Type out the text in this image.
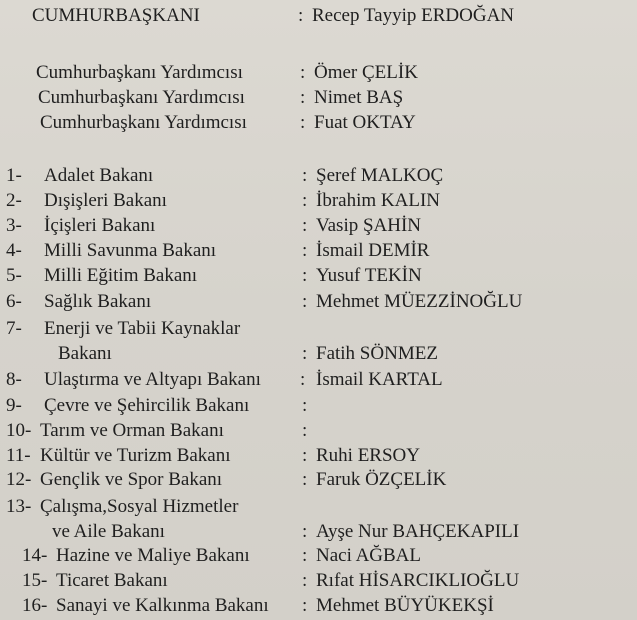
CUMHURBAŞKANI	: Recep Tayyip ERDOĞAN
Cumhurbaşkanı Yardımcısı	: Ömer ÇELİK
Cumhurbaşkanı Yardımcısı	: Nimet BAŞ
Cumhurbaşkanı Yardımcısı	: Fuat OKTAY
1- Adalet Bakanı	: Şeref MALKOÇ
2- Dışişleri Bakanı	: İbrahim KALIN
3- İçişleri Bakanı	: Vasip ŞAHİN
4- Milli Savunma Bakanı	: İsmail DEMİR
5- Milli Eğitim Bakanı	: Yusuf TEKİN
6- Sağlık Bakanı	: Mehmet MÜEZZİNOĞLU
7- Enerji ve Tabii Kaynaklar
Bakanı	: Fatih SÖNMEZ
8- Ulaştırma ve Altyapı Bakanı : İsmail KARTAL
9- Çevre ve Şehircilik Bakanı	:
10- Tarım ve Orman Bakanı	:
11- Kültür ve Turizm Bakanı	: Ruhi ERSOY
12- Gençlik ve Spor Bakanı	: Faruk ÖZÇELİK
13- Çalışma,Sosyal Hizmetler
ve Aile Bakanı	: Ayşe Nur BAHÇEKAPILI
14- Hazine ve Maliye Bakanı	: Naci AĞBAL
15- Ticaret Bakanı	: Rıfat HİSARCIKLIOĞLU
16- Sanayi ve Kalkınma Bakanı : Mehmet BÜYÜKEKŞİ
